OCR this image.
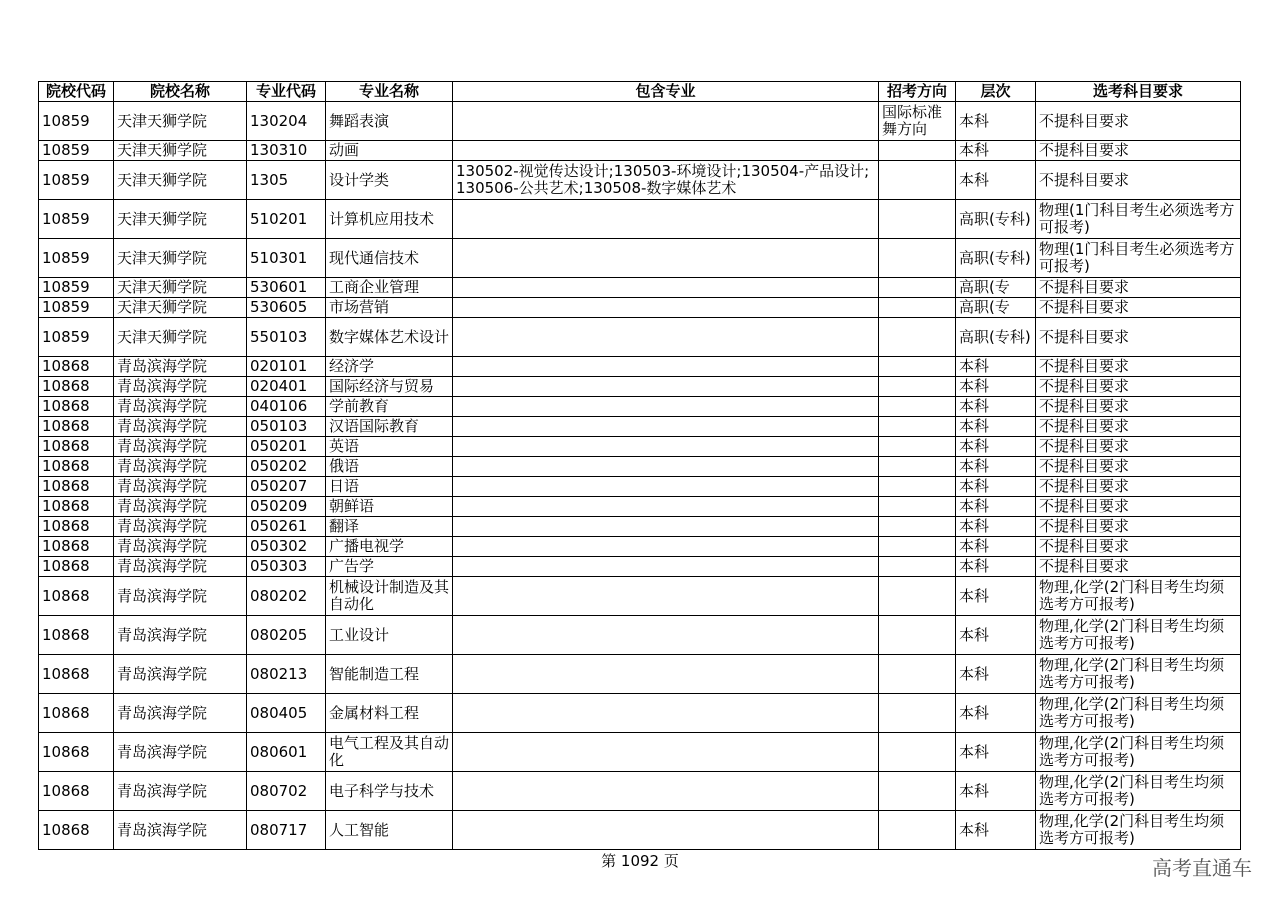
院校代码	院校名称	专业代码	专业名称	包含专业	招考方向	层次	选考科目要求
10859	天津天狮学院	130204	舞蹈表演		国际标准舞方向	本科	不提科目要求
10859	天津天狮学院	130310	动画			本科	不提科目要求
10859	天津天狮学院	1305	设计学类	130502-视觉传达设计;130503-环境设计;130504-产品设计;130506-公共艺术;130508-数字媒体艺术		本科	不提科目要求
10859	天津天狮学院	510201	计算机应用技术			高职(专科)	物理(1门科目考生必须选考方可报考)
10859	天津天狮学院	510301	现代通信技术			高职(专科)	物理(1门科目考生必须选考方可报考)
10859	天津天狮学院	530601	工商企业管理			高职(专	不提科目要求
10859	天津天狮学院	530605	市场营销			高职(专	不提科目要求
10859	天津天狮学院	550103	数字媒体艺术设计			高职(专科)	不提科目要求
10868	青岛滨海学院	020101	经济学			本科	不提科目要求
10868	青岛滨海学院	020401	国际经济与贸易			本科	不提科目要求
10868	青岛滨海学院	040106	学前教育			本科	不提科目要求
10868	青岛滨海学院	050103	汉语国际教育			本科	不提科目要求
10868	青岛滨海学院	050201	英语			本科	不提科目要求
10868	青岛滨海学院	050202	俄语			本科	不提科目要求
10868	青岛滨海学院	050207	日语			本科	不提科目要求
10868	青岛滨海学院	050209	朝鲜语			本科	不提科目要求
10868	青岛滨海学院	050261	翻译			本科	不提科目要求
10868	青岛滨海学院	050302	广播电视学			本科	不提科目要求
10868	青岛滨海学院	050303	广告学			本科	不提科目要求
10868	青岛滨海学院	080202	机械设计制造及其自动化			本科	物理,化学(2门科目考生均须选考方可报考)
10868	青岛滨海学院	080205	工业设计			本科	物理,化学(2门科目考生均须选考方可报考)
10868	青岛滨海学院	080213	智能制造工程			本科	物理,化学(2门科目考生均须选考方可报考)
10868	青岛滨海学院	080405	金属材料工程			本科	物理,化学(2门科目考生均须选考方可报考)
10868	青岛滨海学院	080601	电气工程及其自动化			本科	物理,化学(2门科目考生均须选考方可报考)
10868	青岛滨海学院	080702	电子科学与技术			本科	物理,化学(2门科目考生均须选考方可报考)
10868	青岛滨海学院	080717	人工智能			本科	物理,化学(2门科目考生均须选考方可报考)
第 1092 页	高考直通车
